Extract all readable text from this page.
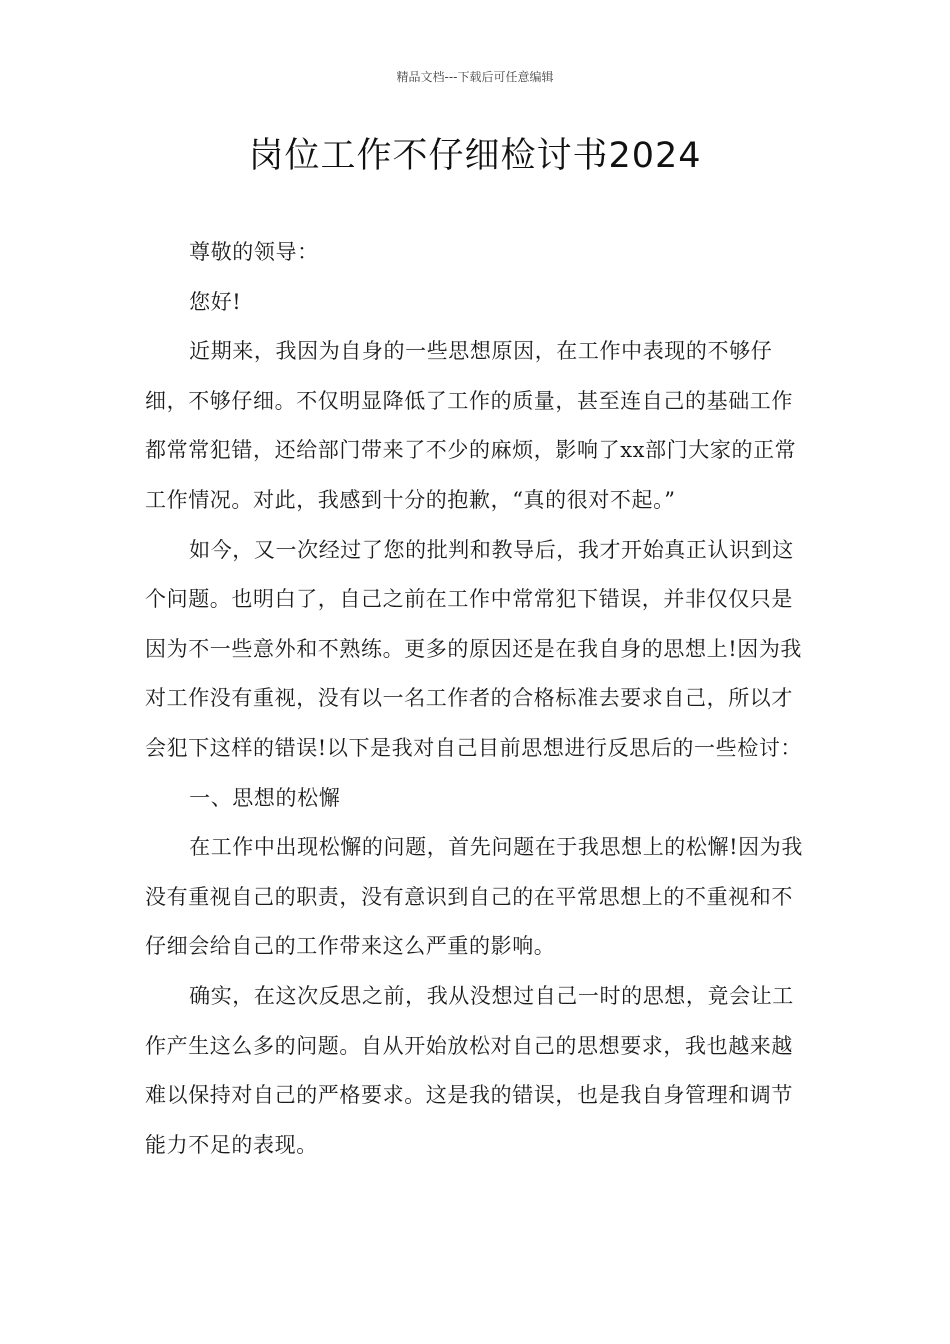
精品文档---下载后可任意编辑
岗位工作不仔细检讨书2024

尊敬的领导：

您好!

近期来，我因为自身的一些思想原因，在工作中表现的不够仔细，不够仔细。不仅明显降低了工作的质量，甚至连自己的基础工作都常常犯错，还给部门带来了不少的麻烦，影响了xx部门大家的正常工作情况。对此，我感到十分的抱歉，“真的很对不起。”

如今，又一次经过了您的批判和教导后，我才开始真正认识到这个问题。也明白了，自己之前在工作中常常犯下错误，并非仅仅只是因为不一些意外和不熟练。更多的原因还是在我自身的思想上!因为我对工作没有重视，没有以一名工作者的合格标准去要求自己，所以才会犯下这样的错误!以下是我对自己目前思想进行反思后的一些检讨：

一、思想的松懈

在工作中出现松懈的问题，首先问题在于我思想上的松懈!因为我没有重视自己的职责，没有意识到自己的在平常思想上的不重视和不仔细会给自己的工作带来这么严重的影响。

确实，在这次反思之前，我从没想过自己一时的思想，竟会让工作产生这么多的问题。自从开始放松对自己的思想要求，我也越来越难以保持对自己的严格要求。这是我的错误，也是我自身管理和调节能力不足的表现。
